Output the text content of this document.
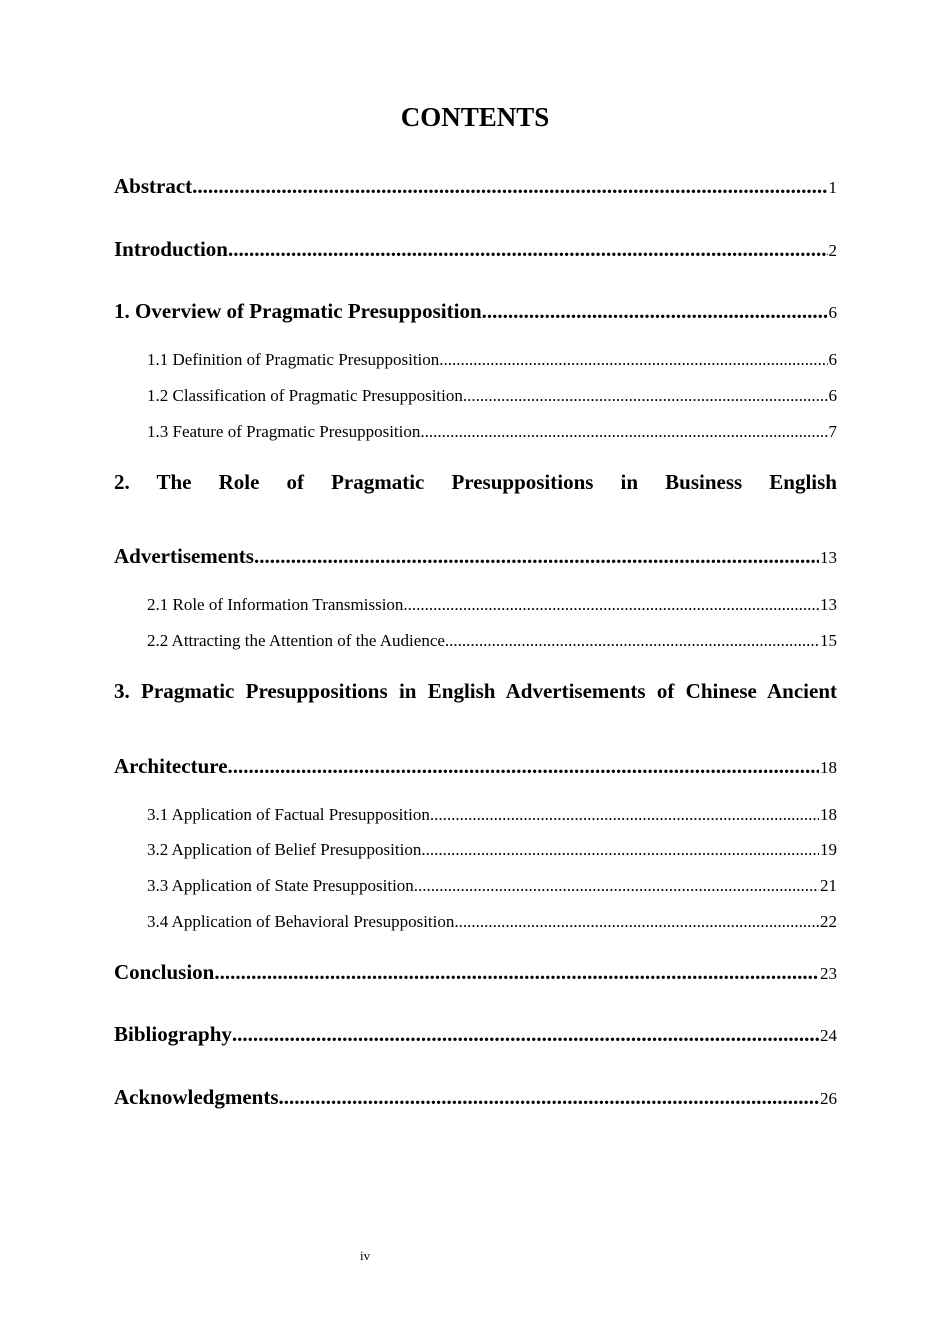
CONTENTS
Abstract .....	1
Introduction .....	2
1. Overview of Pragmatic Presupposition .....	6
1.1 Definition of Pragmatic Presupposition .....	6
1.2 Classification of Pragmatic Presupposition .....	6
1.3 Feature of Pragmatic Presupposition .....	7
2. The Role of Pragmatic Presuppositions in Business English
Advertisements .....	13
2.1 Role of Information Transmission .....	13
2.2 Attracting the Attention of the Audience .....	15
3. Pragmatic Presuppositions in English Advertisements of Chinese Ancient
Architecture .....	18
3.1 Application of Factual Presupposition .....	18
3.2 Application of Belief Presupposition .....	19
3.3 Application of State Presupposition .....	21
3.4 Application of Behavioral Presupposition .....	22
Conclusion .....	23
Bibliography .....	24
Acknowledgments .....	26
iv
